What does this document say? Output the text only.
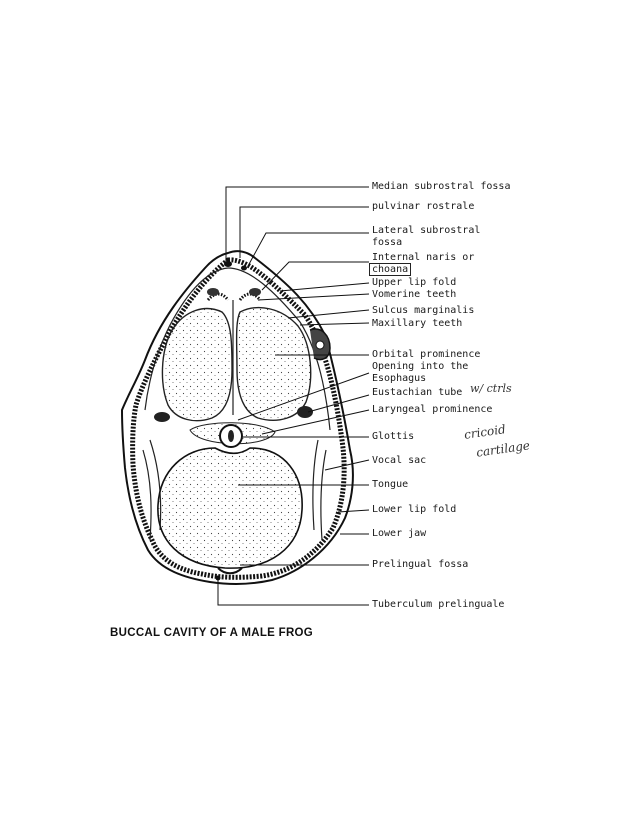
Median subrostral fossa
pulvinar rostrale
Lateral subrostral
fossa
Internal naris or
choana
Upper lip fold
Vomerine teeth
Sulcus marginalis
Maxillary teeth
Orbital prominence
Opening into the
Esophagus
Eustachian tube w/ ctrls
Laryngeal prominence
Glottis	cricoid
cartilage
Vocal sac
Tongue
Lower lip fold
Lower jaw
Prelingual fossa
Tuberculum prelinguale
BUCCAL CAVITY OF A MALE FROG
